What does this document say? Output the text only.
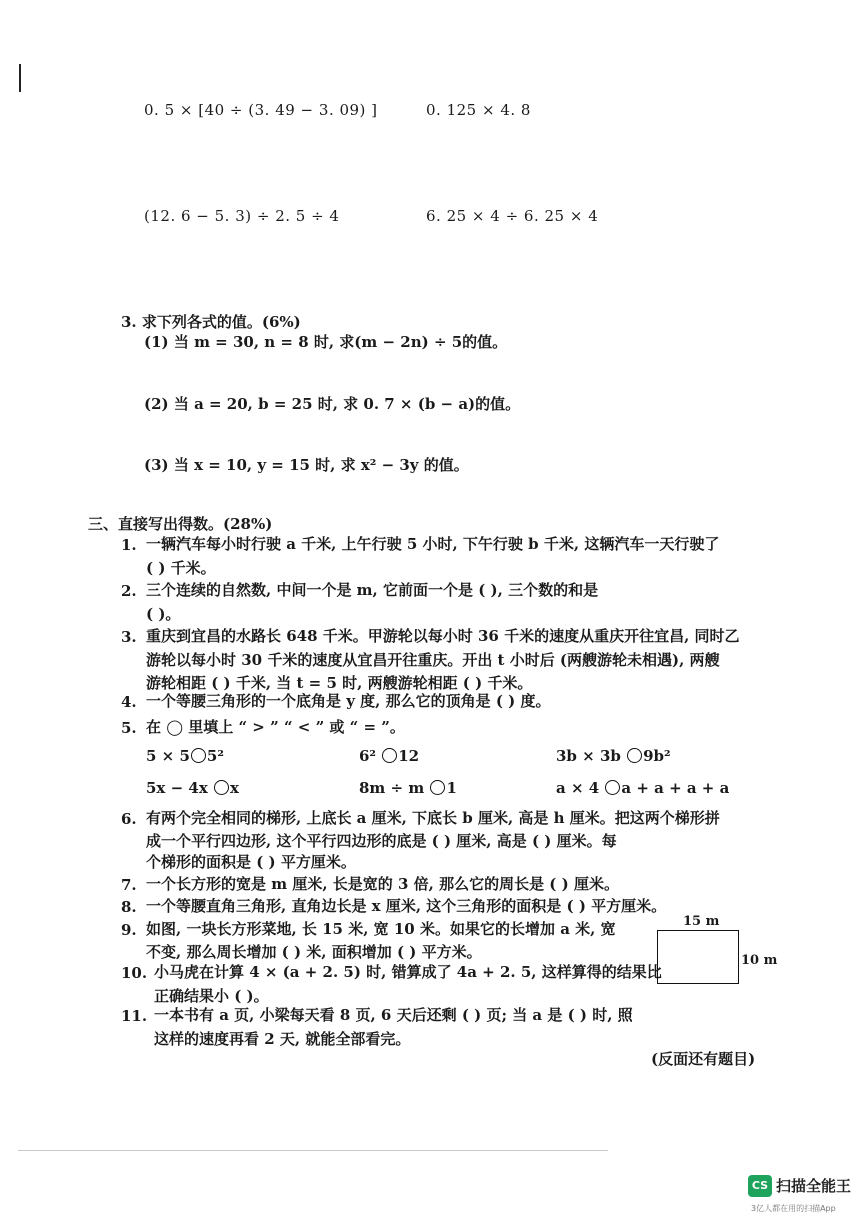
0. 5 × [40 ÷ (3. 49 − 3. 09) ]	0. 125 × 4. 8
(12. 6 − 5. 3) ÷ 2. 5 ÷ 4	6. 25 × 4 ÷ 6. 25 × 4
3. 求下列各式的值。(6%)
(1) 当 m = 30, n = 8 时, 求(m − 2n) ÷ 5的值。
(2) 当 a = 20, b = 25 时, 求 0. 7 × (b − a)的值。
(3) 当 x = 10, y = 15 时, 求 x² − 3y 的值。
三、直接写出得数。(28%)
1. 一辆汽车每小时行驶 a 千米, 上午行驶 5 小时, 下午行驶 b 千米, 这辆汽车一天行驶了
( ) 千米。
2. 三个连续的自然数, 中间一个是 m, 它前面一个是 ( ), 三个数的和是
( )。
3. 重庆到宜昌的水路长 648 千米。甲游轮以每小时 36 千米的速度从重庆开往宜昌, 同时乙
游轮以每小时 30 千米的速度从宜昌开往重庆。开出 t 小时后 (两艘游轮未相遇), 两艘
游轮相距 ( ) 千米, 当 t = 5 时, 两艘游轮相距 ( ) 千米。
4. 一个等腰三角形的一个底角是 y 度, 那么它的顶角是 ( ) 度。
5. 在 ◯ 里填上 “ > ” “ < ” 或 “ = ”。
5 × 5 5²	6² 12	3b × 3b 9b²
5x − 4x x	8m ÷ m 1	a × 4 a + a + a + a
6. 有两个完全相同的梯形, 上底长 a 厘米, 下底长 b 厘米, 高是 h 厘米。把这两个梯形拼
成一个平行四边形, 这个平行四边形的底是 ( ) 厘米, 高是 ( ) 厘米。每
个梯形的面积是 ( ) 平方厘米。
7. 一个长方形的宽是 m 厘米, 长是宽的 3 倍, 那么它的周长是 ( ) 厘米。
8. 一个等腰直角三角形, 直角边长是 x 厘米, 这个三角形的面积是 ( ) 平方厘米。
9. 如图, 一块长方形菜地, 长 15 米, 宽 10 米。如果它的长增加 a 米, 宽
不变, 那么周长增加 ( ) 米, 面积增加 ( ) 平方米。
15 m
10 m
10. 小马虎在计算 4 × (a + 2. 5) 时, 错算成了 4a + 2. 5, 这样算得的结果比
正确结果小 ( )。
11. 一本书有 a 页, 小梁每天看 8 页, 6 天后还剩 ( ) 页; 当 a 是 ( ) 时, 照
这样的速度再看 2 天, 就能全部看完。
(反面还有题目)
CS 扫描全能王
3亿人都在用的扫描App
